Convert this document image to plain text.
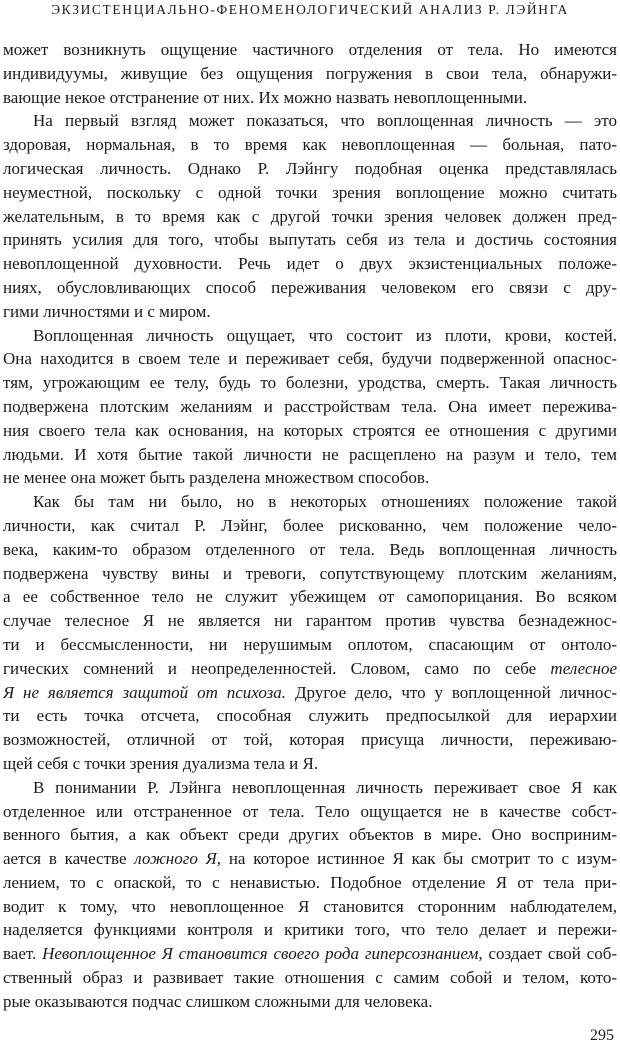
ЭКЗИСТЕНЦИАЛЬНО-ФЕНОМЕНОЛОГИЧЕСКИЙ АНАЛИЗ Р. ЛЭЙНГА
может возникнуть ощущение частичного отделения от тела. Но имеются
индивидуумы, живущие без ощущения погружения в свои тела, обнаружи-
вающие некое отстранение от них. Их можно назвать невоплощенными.
На первый взгляд может показаться, что воплощенная личность — это
здоровая, нормальная, в то время как невоплощенная — больная, пато-
логическая личность. Однако Р. Лэйнгу подобная оценка представлялась
неуместной, поскольку с одной точки зрения воплощение можно считать
желательным, в то время как с другой точки зрения человек должен пред-
принять усилия для того, чтобы выпутать себя из тела и достичь состояния
невоплощенной духовности. Речь идет о двух экзистенциальных положе-
ниях, обусловливающих способ переживания человеком его связи с дру-
гими личностями и с миром.
Воплощенная личность ощущает, что состоит из плоти, крови, костей.
Она находится в своем теле и переживает себя, будучи подверженной опаснос-
тям, угрожающим ее телу, будь то болезни, уродства, смерть. Такая личность
подвержена плотским желаниям и расстройствам тела. Она имеет пережива-
ния своего тела как основания, на которых строятся ее отношения с другими
людьми. И хотя бытие такой личности не расщеплено на разум и тело, тем
не менее она может быть разделена множеством способов.
Как бы там ни было, но в некоторых отношениях положение такой
личности, как считал Р. Лэйнг, более рискованно, чем положение чело-
века, каким-то образом отделенного от тела. Ведь воплощенная личность
подвержена чувству вины и тревоги, сопутствующему плотским желаниям,
а ее собственное тело не служит убежищем от самопорицания. Во всяком
случае телесное Я не является ни гарантом против чувства безнадежнос-
ти и бессмысленности, ни нерушимым оплотом, спасающим от онтоло-
гических сомнений и неопределенностей. Словом, само по себе телесное
Я не является защитой от психоза. Другое дело, что у воплощенной личнос-
ти есть точка отсчета, способная служить предпосылкой для иерархии
возможностей, отличной от той, которая присуща личности, переживаю-
щей себя с точки зрения дуализма тела и Я.
В понимании Р. Лэйнга невоплощенная личность переживает свое Я как
отделенное или отстраненное от тела. Тело ощущается не в качестве собст-
венного бытия, а как объект среди других объектов в мире. Оно восприним-
ается в качестве ложного Я, на которое истинное Я как бы смотрит то с изум-
лением, то с опаской, то с ненавистью. Подобное отделение Я от тела при-
водит к тому, что невоплощенное Я становится сторонним наблюдателем,
наделяется функциями контроля и критики того, что тело делает и пережи-
вает. Невоплощенное Я становится своего рода гиперсознанием, создает свой соб-
ственный образ и развивает такие отношения с самим собой и телом, кото-
рые оказываются подчас слишком сложными для человека.
295
